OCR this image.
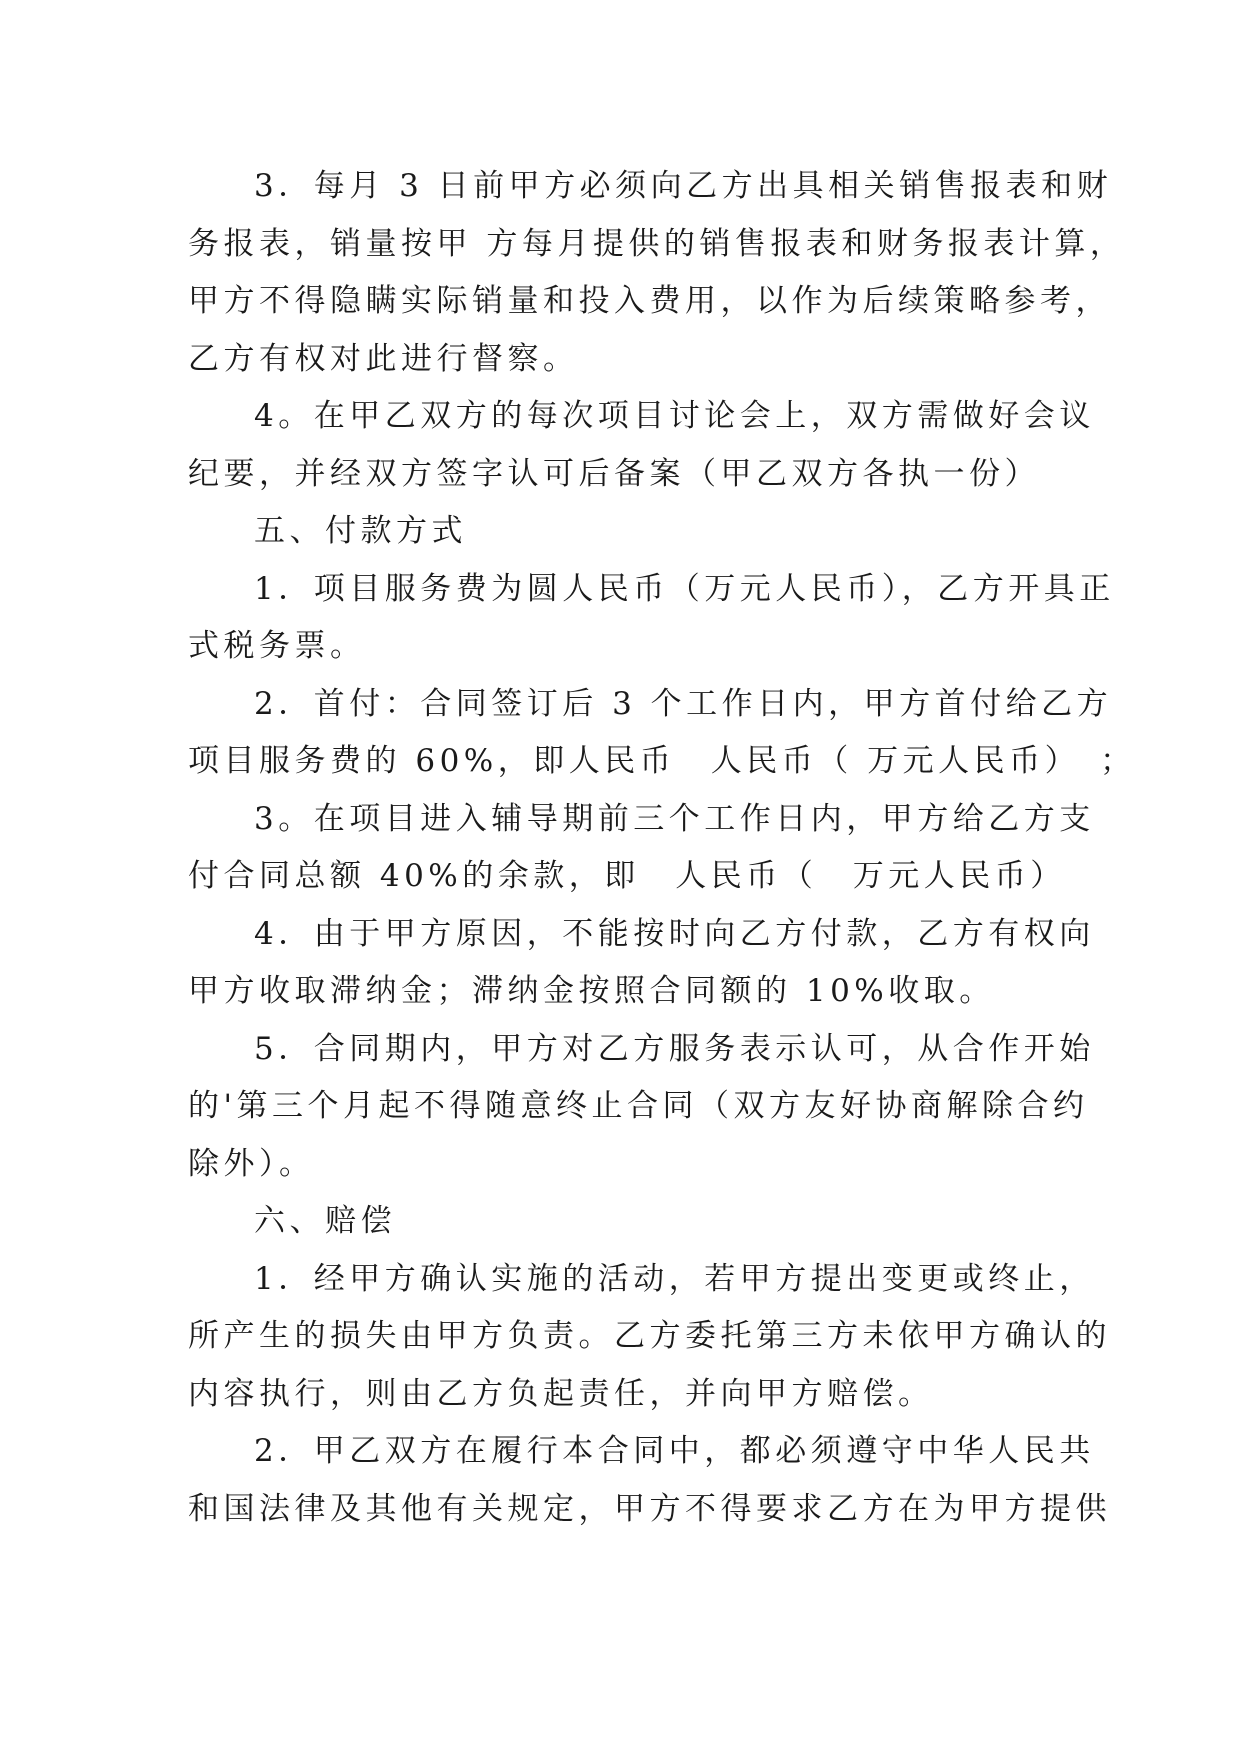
3．每月 3 日前甲方必须向乙方出具相关销售报表和财
务报表，销量按甲 方每月提供的销售报表和财务报表计算，
甲方不得隐瞒实际销量和投入费用，以作为后续策略参考，
乙方有权对此进行督察。

4。在甲乙双方的每次项目讨论会上，双方需做好会议
纪要，并经双方签字认可后备案（甲乙双方各执一份）

五、付款方式

1．项目服务费为圆人民币（万元人民币），乙方开具正
式税务票。

2．首付：合同签订后 3 个工作日内，甲方首付给乙方
项目服务费的 60%，即人民币　人民币（ 万元人民币）　；

3。在项目进入辅导期前三个工作日内，甲方给乙方支
付合同总额 40%的余款，即　人民币（　万元人民币）

4．由于甲方原因，不能按时向乙方付款，乙方有权向
甲方收取滞纳金；滞纳金按照合同额的 10%收取。

5．合同期内，甲方对乙方服务表示认可，从合作开始
的'第三个月起不得随意终止合同（双方友好协商解除合约
除外）。

六、赔偿

1．经甲方确认实施的活动，若甲方提出变更或终止，
所产生的损失由甲方负责。乙方委托第三方未依甲方确认的
内容执行，则由乙方负起责任，并向甲方赔偿。

2．甲乙双方在履行本合同中，都必须遵守中华人民共
和国法律及其他有关规定，甲方不得要求乙方在为甲方提供
